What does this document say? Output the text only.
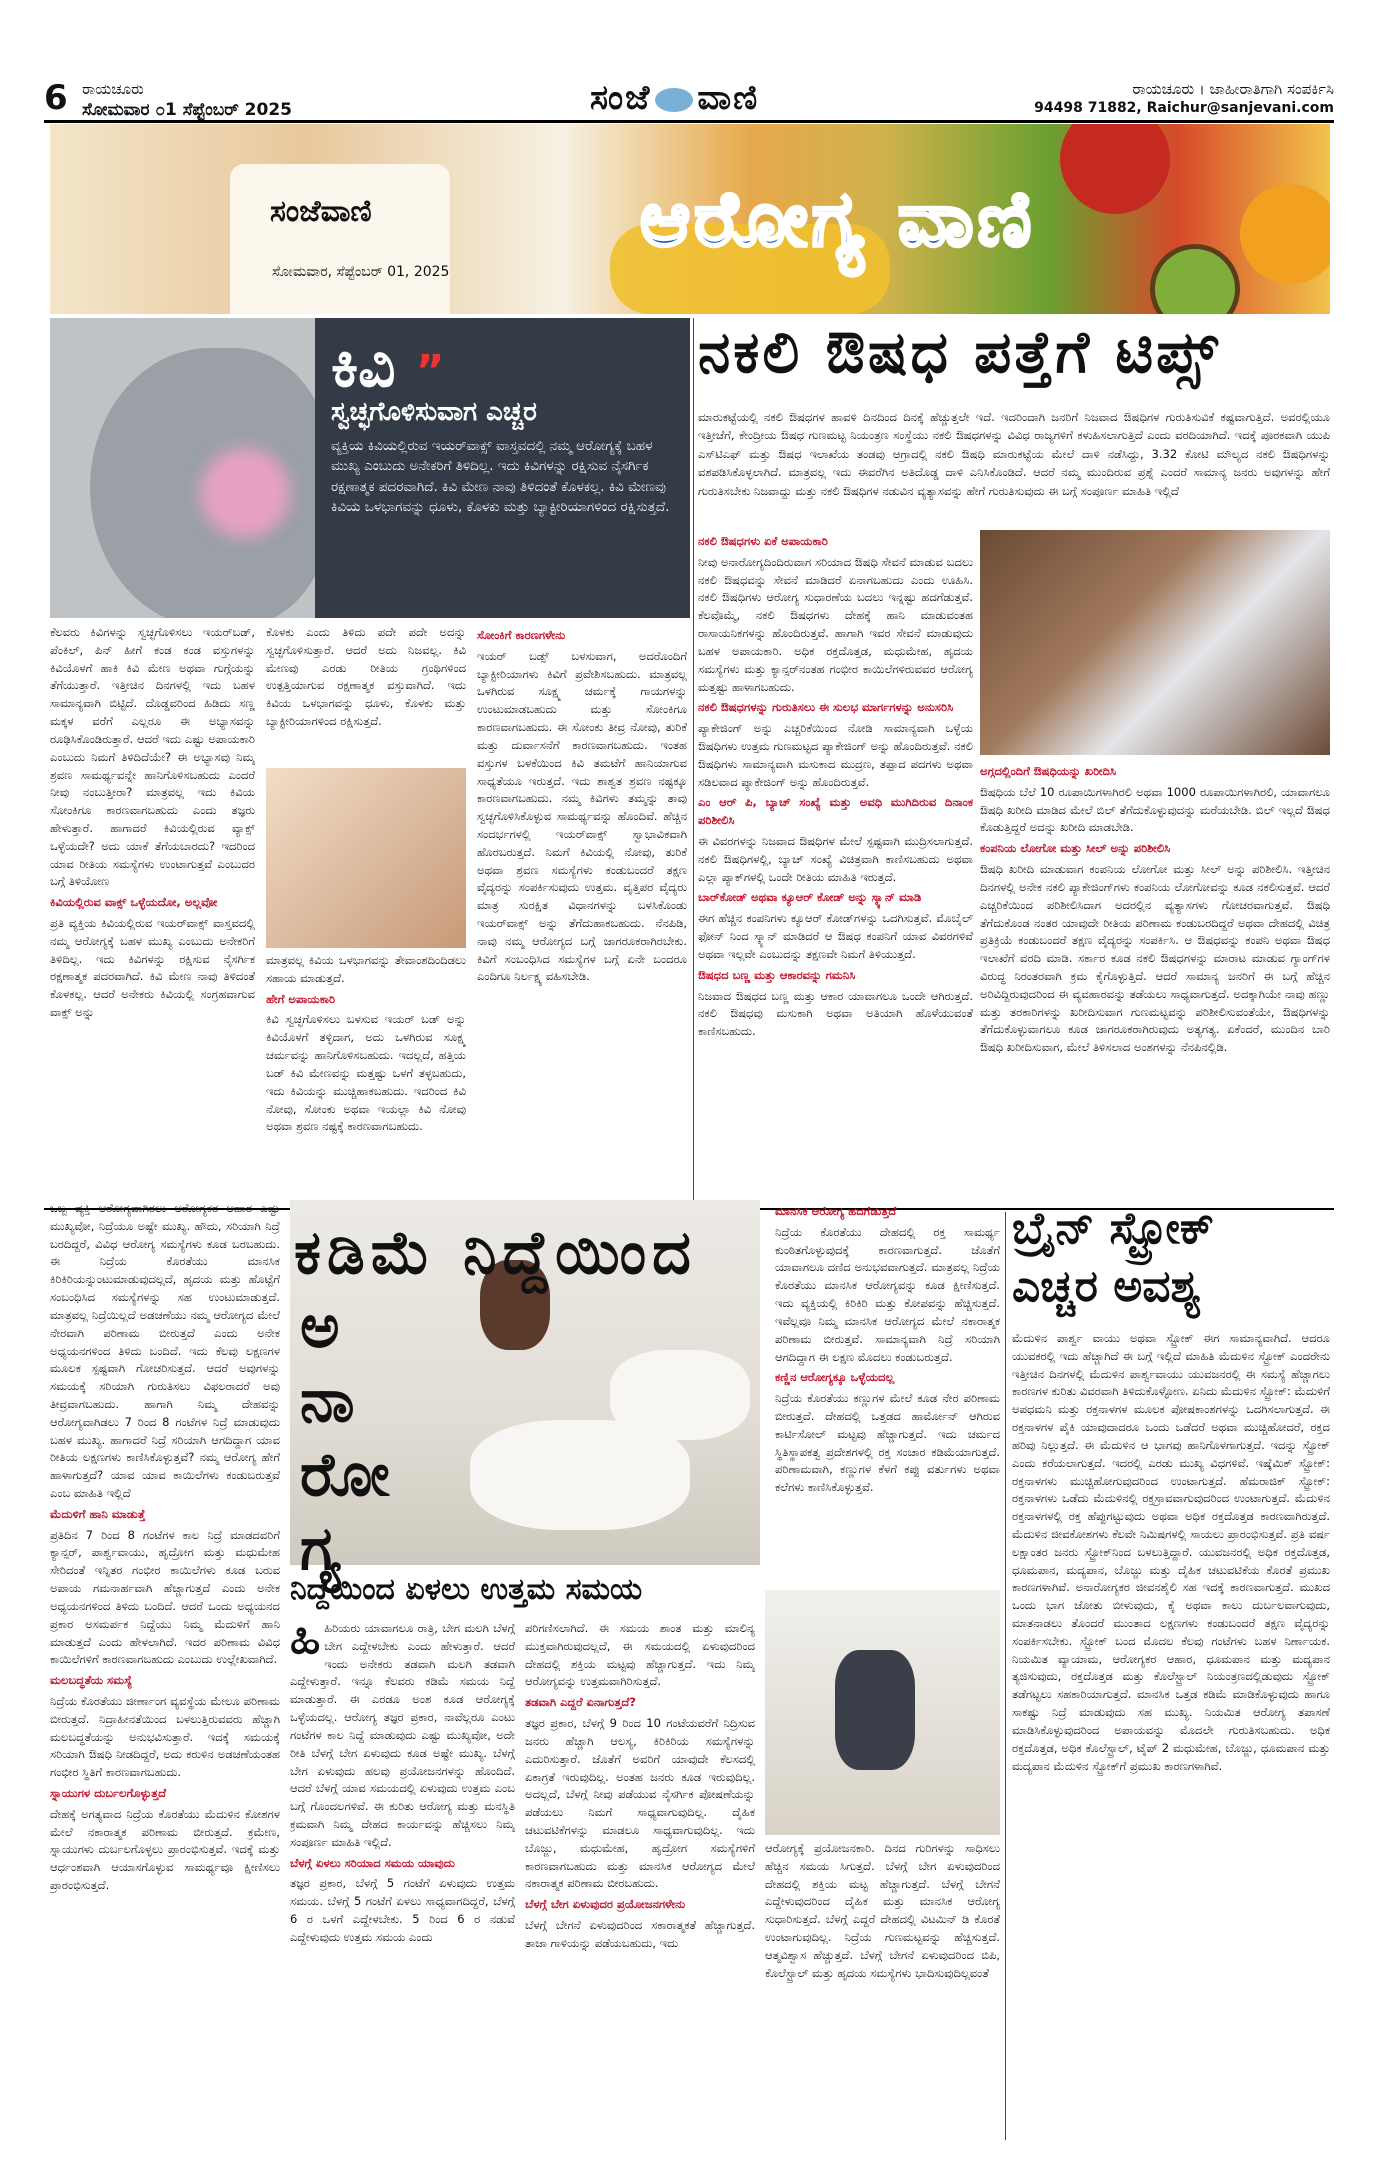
6 ರಾಯಚೂರು
ಸೋಮವಾರ ೦1 ಸೆಪ್ಟೆಂಬರ್ 2025	ಸಂಜೆ ವಾಣಿ	ರಾಯಚೂರು । ಜಾಹೀರಾತಿಗಾಗಿ ಸಂಪರ್ಕಿಸಿ
94498 71882, Raichur@sanjevani.com
ಸಂಜೆವಾಣಿ
ಸೋಮವಾರ, ಸೆಪ್ಟೆಂಬರ್ 01, 2025
ಆರೋಗ್ಯ ವಾಣಿ
ಕಿವಿ ”
ಸ್ವಚ್ಛಗೊಳಿಸುವಾಗ ಎಚ್ಚರ
ವ್ಯಕ್ತಿಯ ಕಿವಿಯಲ್ಲಿರುವ ಇಯರ್‌ವಾಕ್ಸ್ ವಾಸ್ತವದಲ್ಲಿ ನಮ್ಮ ಆರೋಗ್ಯಕ್ಕೆ ಬಹಳ ಮುಖ್ಯ ಎಂಬುದು ಅನೇಕರಿಗೆ ತಿಳಿದಿಲ್ಲ. ಇದು ಕಿವಿಗಳನ್ನು ರಕ್ಷಿಸುವ ನೈಸರ್ಗಿಕ ರಕ್ಷಣಾತ್ಮಕ ಪದರವಾಗಿದೆ. ಕಿವಿ ಮೇಣ ನಾವು ತಿಳಿದಂತೆ ಕೊಳಕಲ್ಲ. ಕಿವಿ ಮೇಣವು ಕಿವಿಯ ಒಳಭಾಗವನ್ನು ಧೂಳು, ಕೊಳಕು ಮತ್ತು ಬ್ಯಾಕ್ಟೀರಿಯಾಗಳಿಂದ ರಕ್ಷಿಸುತ್ತದೆ.
ಕೆಲವರು ಕಿವಿಗಳನ್ನು ಸ್ವಚ್ಛಗೊಳಿಸಲು ಇಯರ್‌ಬಡ್, ಪೆಂಕಿಲ್, ಪಿನ್ ಹೀಗೆ ಕಂಡ ಕಂಡ ವಸ್ತುಗಳನ್ನು ಕಿವಿಯೊಳಗೆ ಹಾಕಿ ಕಿವಿ ಮೇಣ ಅಥವಾ ಗುಗ್ಗೆಯನ್ನು ತೆಗೆಯುತ್ತಾರೆ. ಇತ್ತೀಚಿನ ದಿನಗಳಲ್ಲಿ ಇದು ಬಹಳ ಸಾಮಾನ್ಯವಾಗಿ ಬಿಟ್ಟಿದೆ. ದೊಡ್ಡವರಿಂದ ಹಿಡಿದು ಸಣ್ಣ ಮಕ್ಕಳ ವರೆಗೆ ಎಲ್ಲರೂ ಈ ಅಭ್ಯಾಸವನ್ನು ರೂಢಿಸಿಕೊಂಡಿರುತ್ತಾರೆ. ಆದರೆ ಇದು ಎಷ್ಟು ಅಪಾಯಕಾರಿ ಎಂಬುದು ನಿಮಗೆ ತಿಳಿದಿದೆಯೇ? ಈ ಅಭ್ಯಾಸವು ನಿಮ್ಮ ಶ್ರವಣ ಸಾಮರ್ಥ್ಯವನ್ನೇ ಹಾನಿಗೊಳಿಸಬಹುದು ಎಂದರೆ ನೀವು ನಂಬುತ್ತೀರಾ? ಮಾತ್ರವಲ್ಲ ಇದು ಕಿವಿಯ ಸೋಂಕಿಗೂ ಕಾರಣವಾಗಬಹುದು ಎಂದು ತಜ್ಞರು ಹೇಳುತ್ತಾರೆ. ಹಾಗಾದರೆ ಕಿವಿಯಲ್ಲಿರುವ ವ್ಯಾಕ್ಸ್ ಒಳ್ಳೆಯದೇ? ಅದು ಯಾಕೆ ತೆಗೆಯಬಾರದು? ಇದರಿಂದ ಯಾವ ರೀತಿಯ ಸಮಸ್ಯೆಗಳು ಉಂಟಾಗುತ್ತವೆ ಎಂಬುದರ ಬಗ್ಗೆ ತಿಳಿಯೋಣ
ಕಿವಿಯಲ್ಲಿರುವ ವಾಕ್ಸ್ ಒಳ್ಳೆಯದೋ, ಅಲ್ಲವೋ
ಪ್ರತಿ ವ್ಯಕ್ತಿಯ ಕಿವಿಯಲ್ಲಿರುವ ಇಯರ್‌ವಾಕ್ಸ್ ವಾಸ್ತವದಲ್ಲಿ ನಮ್ಮ ಆರೋಗ್ಯಕ್ಕೆ ಬಹಳ ಮುಖ್ಯ ಎಂಬುದು ಅನೇಕರಿಗೆ ತಿಳಿದಿಲ್ಲ. ಇದು ಕಿವಿಗಳನ್ನು ರಕ್ಷಿಸುವ ನೈಸರ್ಗಿಕ ರಕ್ಷಣಾತ್ಮಕ ಪದರವಾಗಿದೆ. ಕಿವಿ ಮೇಣ ನಾವು ತಿಳಿದಂತೆ ಕೊಳಕಲ್ಲ. ಆದರೆ ಅನೇಕರು ಕಿವಿಯಲ್ಲಿ ಸಂಗ್ರಹವಾಗುವ ವಾಕ್ಸ್ ಅನ್ನು
ಕೊಳಕು ಎಂದು ತಿಳಿದು ಪದೇ ಪದೇ ಅದನ್ನು ಸ್ವಚ್ಛಗೊಳಿಸುತ್ತಾರೆ. ಆದರೆ ಅದು ನಿಜವಲ್ಲ. ಕಿವಿ ಮೇಣವು ಎರಡು ರೀತಿಯ ಗ್ರಂಥಿಗಳಿಂದ ಉತ್ಪತ್ತಿಯಾಗುವ ರಕ್ಷಣಾತ್ಮಕ ವಸ್ತುವಾಗಿದೆ. ಇದು ಕಿವಿಯ ಒಳಭಾಗವನ್ನು ಧೂಳು, ಕೊಳಕು ಮತ್ತು ಬ್ಯಾಕ್ಟೀರಿಯಾಗಳಿಂದ ರಕ್ಷಿಸುತ್ತದೆ.
ಮಾತ್ರವಲ್ಲ ಕಿವಿಯ ಒಳಭಾಗವನ್ನು ತೇವಾಂಶದಿಂದಿಡಲು ಸಹಾಯ ಮಾಡುತ್ತದೆ.
ಹೇಗೆ ಅಪಾಯಕಾರಿ
ಕಿವಿ ಸ್ವಚ್ಛಗೊಳಿಸಲು ಬಳಸುವ ಇಯರ್ ಬಡ್ ಅನ್ನು ಕಿವಿಯೊಳಗೆ ತಳ್ಳಿದಾಗ, ಅದು ಒಳಗಿರುವ ಸೂಕ್ಷ್ಮ ಚರ್ಮವನ್ನು ಹಾನಿಗೊಳಿಸಬಹುದು. ಇದಲ್ಲದೆ, ಹತ್ತಿಯ ಬಡ್ ಕಿವಿ ಮೇಣವನ್ನು ಮತ್ತಷ್ಟು ಒಳಗೆ ತಳ್ಳಬಹುದು, ಇದು ಕಿವಿಯನ್ನು ಮುಚ್ಚಿಹಾಕಬಹುದು. ಇದರಿಂದ ಕಿವಿ ನೋವು, ಸೋಂಕು ಅಥವಾ ಇಯಲ್ಲಾ ಕಿವಿ ನೋವು ಅಥವಾ ಶ್ರವಣ ನಷ್ಟಕ್ಕೆ ಕಾರಣವಾಗಬಹುದು.
ಸೋಂಕಿಗೆ ಕಾರಣಗಳೇನು
ಇಯರ್ ಬಡ್ಸ್ ಬಳಸುವಾಗ, ಅದರೊಂದಿಗೆ ಬ್ಯಾಕ್ಟೀರಿಯಾಗಳು ಕಿವಿಗೆ ಪ್ರವೇಶಿಸಬಹುದು. ಮಾತ್ರವಲ್ಲ ಒಳಗಿರುವ ಸೂಕ್ಷ್ಮ ಚರ್ಮಕ್ಕೆ ಗಾಯಗಳನ್ನು ಉಂಟುಮಾಡಬಹುದು ಮತ್ತು ಸೋಂಕಿಗೂ ಕಾರಣವಾಗಬಹುದು. ಈ ಸೋಂಕು ತೀವ್ರ ನೋವು, ತುರಿಕೆ ಮತ್ತು ದುರ್ವಾಸನೆಗೆ ಕಾರಣವಾಗಬಹುದು. ಇಂತಹ ವಸ್ತುಗಳ ಬಳಕೆಯಿಂದ ಕಿವಿ ತಮಟೆಗೆ ಹಾನಿಯಾಗುವ ಸಾಧ್ಯತೆಯೂ ಇರುತ್ತದೆ. ಇದು ಶಾಶ್ವತ ಶ್ರವಣ ನಷ್ಟಕ್ಕೂ ಕಾರಣವಾಗಬಹುದು. ನಮ್ಮ ಕಿವಿಗಳು ತಮ್ಮನ್ನು ತಾವು ಸ್ವಚ್ಛಗೊಳಿಸಿಕೊಳ್ಳುವ ಸಾಮರ್ಥ್ಯವನ್ನು ಹೊಂದಿವೆ. ಹೆಚ್ಚಿನ ಸಂದರ್ಭಗಳಲ್ಲಿ ಇಯರ್‌ವಾಕ್ಸ್ ಸ್ವಾಭಾವಿಕವಾಗಿ ಹೊರಬರುತ್ತದೆ. ನಿಮಗೆ ಕಿವಿಯಲ್ಲಿ ನೋವು, ತುರಿಕೆ ಅಥವಾ ಶ್ರವಣ ಸಮಸ್ಯೆಗಳು ಕಂಡುಬಂದರೆ ತಕ್ಷಣ ವೈದ್ಯರನ್ನು ಸಂಪರ್ಕಿಸುವುದು ಉತ್ತಮ. ವೃತ್ತಿಪರ ವೈದ್ಯರು ಮಾತ್ರ ಸುರಕ್ಷಿತ ವಿಧಾನಗಳನ್ನು ಬಳಸಿಕೊಂಡು ಇಯರ್‌ವಾಕ್ಸ್ ಅನ್ನು ತೆಗೆದುಹಾಕಬಹುದು. ನೆನಪಿಡಿ, ನಾವು ನಮ್ಮ ಆರೋಗ್ಯದ ಬಗ್ಗೆ ಜಾಗರೂಕರಾಗಿರಬೇಕು. ಕಿವಿಗೆ ಸಂಬಂಧಿಸಿದ ಸಮಸ್ಯೆಗಳ ಬಗ್ಗೆ ಏನೇ ಬಂದರೂ ಎಂದಿಗೂ ನಿರ್ಲಕ್ಷ್ಯ ವಹಿಸಬೇಡಿ.
ನಕಲಿ ಔಷಧ ಪತ್ತೆಗೆ ಟಿಪ್ಸ್
ಮಾರುಕಟ್ಟೆಯಲ್ಲಿ ನಕಲಿ ಔಷಧಗಳ ಹಾವಳಿ ದಿನದಿಂದ ದಿನಕ್ಕೆ ಹೆಚ್ಚುತ್ತಲೇ ಇದೆ. ಇದರಿಂದಾಗಿ ಜನರಿಗೆ ನಿಜವಾದ ಔಷಧಿಗಳ ಗುರುತಿಸುವಿಕೆ ಕಷ್ಟವಾಗುತ್ತಿದೆ. ಅವರಲ್ಲಿಯೂ ಇತ್ತೀಚೆಗೆ, ಕೇಂದ್ರೀಯ ಔಷಧ ಗುಣಮಟ್ಟ ನಿಯಂತ್ರಣ ಸಂಸ್ಥೆಯು ನಕಲಿ ಔಷಧಗಳನ್ನು ವಿವಿಧ ರಾಜ್ಯಗಳಿಗೆ ಕಳುಹಿಸಲಾಗುತ್ತಿದೆ ಎಂದು ವರದಿಯಾಗಿದೆ. ಇದಕ್ಕೆ ಪೂರಕವಾಗಿ ಯುಪಿ ಎಸ್‌ಟಿಎಫ್ ಮತ್ತು ಔಷಧ ಇಲಾಖೆಯ ತಂಡವು ಆಗ್ರಾದಲ್ಲಿ ನಕಲಿ ಔಷಧಿ ಮಾರುಕಟ್ಟೆಯ ಮೇಲೆ ದಾಳಿ ನಡೆಸಿದ್ದು, 3.32 ಕೋಟಿ ಮೌಲ್ಯದ ನಕಲಿ ಔಷಧಿಗಳನ್ನು ವಶಪಡಿಸಿಕೊಳ್ಳಲಾಗಿದೆ. ಮಾತ್ರವಲ್ಲ ಇದು ಈವರೆಗಿನ ಅತಿದೊಡ್ಡ ದಾಳಿ ಎನಿಸಿಕೊಂಡಿದೆ. ಆದರೆ ನಮ್ಮ ಮುಂದಿರುವ ಪ್ರಶ್ನೆ ಎಂದರೆ ಸಾಮಾನ್ಯ ಜನರು ಅವುಗಳನ್ನು ಹೇಗೆ ಗುರುತಿಸಬೇಕು ನಿಜವಾದ್ದು ಮತ್ತು ನಕಲಿ ಔಷಧಿಗಳ ನಡುವಿನ ವ್ಯತ್ಯಾಸವನ್ನು ಹೇಗೆ ಗುರುತಿಸುವುದು ಈ ಬಗ್ಗೆ ಸಂಪೂರ್ಣ ಮಾಹಿತಿ ಇಲ್ಲಿದೆ
ನಕಲಿ ಔಷಧಗಳು ಏಕೆ ಅಪಾಯಕಾರಿ
ನೀವು ಅನಾರೋಗ್ಯದಿಂದಿರುವಾಗ ಸರಿಯಾದ ಔಷಧಿ ಸೇವನೆ ಮಾಡುವ ಬದಲು ನಕಲಿ ಔಷಧವನ್ನು ಸೇವನೆ ಮಾಡಿದರೆ ಏನಾಗಬಹುದು ಎಂದು ಊಹಿಸಿ. ನಕಲಿ ಔಷಧಿಗಳು ಆರೋಗ್ಯ ಸುಧಾರಣೆಯ ಬದಲು ಇನ್ನಷ್ಟು ಹದಗೆಡುತ್ತವೆ. ಕೆಲವೊಮ್ಮೆ, ನಕಲಿ ಔಷಧಗಳು ದೇಹಕ್ಕೆ ಹಾನಿ ಮಾಡುವಂತಹ ರಾಸಾಯನಿಕಗಳನ್ನು ಹೊಂದಿರುತ್ತವೆ. ಹಾಗಾಗಿ ಇವರ ಸೇವನೆ ಮಾಡುವುದು ಬಹಳ ಅಪಾಯಕಾರಿ. ಅಧಿಕ ರಕ್ತದೊತ್ತಡ, ಮಧುಮೇಹ, ಹೃದಯ ಸಮಸ್ಯೆಗಳು ಮತ್ತು ಕ್ಯಾನ್ಸರ್‌ನಂತಹ ಗಂಭೀರ ಕಾಯಿಲೆಗಳಿರುವವರ ಆರೋಗ್ಯ ಮತ್ತಷ್ಟು ಹಾಳಾಗಬಹುದು.
ನಕಲಿ ಔಷಧಗಳನ್ನು ಗುರುತಿಸಲು ಈ ಸುಲಭ ಮಾರ್ಗಗಳನ್ನು ಅನುಸರಿಸಿ
ಪ್ಯಾಕೇಜಿಂಗ್ ಅನ್ನು ಎಚ್ಚರಿಕೆಯಿಂದ ನೋಡಿ ಸಾಮಾನ್ಯವಾಗಿ ಒಳ್ಳೆಯ ಔಷಧಿಗಳು ಉತ್ತಮ ಗುಣಮಟ್ಟದ ಪ್ಯಾಕೇಜಿಂಗ್ ಅನ್ನು ಹೊಂದಿರುತ್ತವೆ. ನಕಲಿ ಔಷಧಿಗಳು ಸಾಮಾನ್ಯವಾಗಿ ಮಸುಕಾದ ಮುದ್ರಣ, ತಪ್ಪಾದ ಪದಗಳು ಅಥವಾ ಸಡಿಲವಾದ ಪ್ಯಾಕೇಜಿಂಗ್ ಅನ್ನು ಹೊಂದಿರುತ್ತವೆ.
ಎಂ ಆರ್ ಪಿ, ಬ್ಯಾಚ್ ಸಂಖ್ಯೆ ಮತ್ತು ಅವಧಿ ಮುಗಿದಿರುವ ದಿನಾಂಕ ಪರಿಶೀಲಿಸಿ
ಈ ವಿವರಗಳನ್ನು ನಿಜವಾದ ಔಷಧಿಗಳ ಮೇಲೆ ಸ್ಪಷ್ಟವಾಗಿ ಮುದ್ರಿಸಲಾಗುತ್ತದೆ. ನಕಲಿ ಔಷಧಿಗಳಲ್ಲಿ, ಬ್ಯಾಚ್ ಸಂಖ್ಯೆ ವಿಚಿತ್ರವಾಗಿ ಕಾಣಿಸಬಹುದು ಅಥವಾ ಎಲ್ಲಾ ಪ್ಯಾಕ್‌ಗಳಲ್ಲಿ ಒಂದೇ ರೀತಿಯ ಮಾಹಿತಿ ಇರುತ್ತದೆ.
ಬಾರ್‌ಕೋಡ್ ಅಥವಾ ಕ್ಯೂಆರ್ ಕೋಡ್ ಅನ್ನು ಸ್ಕ್ಯಾನ್ ಮಾಡಿ
ಈಗ ಹೆಚ್ಚಿನ ಕಂಪನಿಗಳು ಕ್ಯೂಆರ್ ಕೋಡ್‌ಗಳನ್ನು ಒದಗಿಸುತ್ತವೆ. ಮೊಬೈಲ್ ಫೋನ್ ನಿಂದ ಸ್ಕ್ಯಾನ್ ಮಾಡಿದರೆ ಆ ಔಷಧ ಕಂಪನಿಗೆ ಯಾವ ವಿವರಗಳಿವೆ ಅಥವಾ ಇಲ್ಲವೇ ಎಂಬುದನ್ನು ತಕ್ಷಣವೇ ನಿಮಗೆ ತಿಳಿಯುತ್ತದೆ.
ಔಷಧದ ಬಣ್ಣ ಮತ್ತು ಆಕಾರವನ್ನು ಗಮನಿಸಿ
ನಿಜವಾದ ಔಷಧದ ಬಣ್ಣ ಮತ್ತು ಆಕಾರ ಯಾವಾಗಲೂ ಒಂದೇ ಆಗಿರುತ್ತದೆ. ನಕಲಿ ಔಷಧವು ಮಸುಕಾಗಿ ಅಥವಾ ಅತಿಯಾಗಿ ಹೊಳೆಯುವಂತೆ ಕಾಣಿಸಬಹುದು.
ಅಗ್ಗದಲ್ಲಿಂದಿಗೆ ಔಷಧಿಯನ್ನು ಖರೀದಿಸಿ
ಔಷಧಿಯ ಬೆಲೆ 10 ರೂಪಾಯಿಗಳಾಗಿರಲಿ ಅಥವಾ 1000 ರೂಪಾಯಿಗಳಾಗಿರಲಿ, ಯಾವಾಗಲೂ ಔಷಧಿ ಖರೀದಿ ಮಾಡಿದ ಮೇಲೆ ಬಿಲ್ ತೆಗೆದುಕೊಳ್ಳುವುದನ್ನು ಮರೆಯಬೇಡಿ. ಬಿಲ್ ಇಲ್ಲದೆ ಔಷಧ ಕೊಡುತ್ತಿದ್ದರೆ ಅದನ್ನು ಖರೀದಿ ಮಾಡಬೇಡಿ.
ಕಂಪನಿಯ ಲೋಗೋ ಮತ್ತು ಸೀಲ್ ಅನ್ನು ಪರಿಶೀಲಿಸಿ
ಔಷಧಿ ಖರೀದಿ ಮಾಡುವಾಗ ಕಂಪನಿಯ ಲೋಗೋ ಮತ್ತು ಸೀಲ್ ಅನ್ನು ಪರಿಶೀಲಿಸಿ. ಇತ್ತೀಚಿನ ದಿನಗಳಲ್ಲಿ ಅನೇಕ ನಕಲಿ ಪ್ಯಾಕೇಜಿಂಗ್‌ಗಳು ಕಂಪನಿಯ ಲೋಗೋವನ್ನು ಕೂಡ ನಕಲಿಸುತ್ತವೆ. ಆದರೆ ಎಚ್ಚರಿಕೆಯಿಂದ ಪರಿಶೀಲಿಸಿದಾಗ ಅದರಲ್ಲಿನ ವ್ಯತ್ಯಾಸಗಳು ಗೋಚರವಾಗುತ್ತವೆ. ಔಷಧಿ ತೆಗೆದುಕೊಂಡ ನಂತರ ಯಾವುದೇ ರೀತಿಯ ಪರಿಣಾಮ ಕಂಡುಬರದಿದ್ದರೆ ಅಥವಾ ದೇಹದಲ್ಲಿ ವಿಚಿತ್ರ ಪ್ರತಿಕ್ರಿಯೆ ಕಂಡುಬಂದರೆ ತಕ್ಷಣ ವೈದ್ಯರನ್ನು ಸಂಪರ್ಕಿಸಿ. ಆ ಔಷಧವನ್ನು ಕಂಪನಿ ಅಥವಾ ಔಷಧ ಇಲಾಖೆಗೆ ವರದಿ ಮಾಡಿ. ಸರ್ಕಾರ ಕೂಡ ನಕಲಿ ಔಷಧಗಳನ್ನು ಮಾರಾಟ ಮಾಡುವ ಗ್ಯಾಂಗ್‌ಗಳ ವಿರುದ್ಧ ನಿರಂತರವಾಗಿ ಕ್ರಮ ಕೈಗೊಳ್ಳುತ್ತಿದೆ. ಆದರೆ ಸಾಮಾನ್ಯ ಜನರಿಗೆ ಈ ಬಗ್ಗೆ ಹೆಚ್ಚಿನ ಅರಿವಿದ್ದಿರುವುದರಿಂದ ಈ ವ್ಯವಹಾರವನ್ನು ತಡೆಯಲು ಸಾಧ್ಯವಾಗುತ್ತದೆ. ಅದಕ್ಕಾಗಿಯೇ ನಾವು ಹಣ್ಣು ಮತ್ತು ತರಕಾರಿಗಳನ್ನು ಖರೀದಿಸುವಾಗ ಗುಣಮಟ್ಟವನ್ನು ಪರಿಶೀಲಿಸುವಂತೆಯೇ, ಔಷಧಿಗಳನ್ನು ತೆಗೆದುಕೊಳ್ಳುವಾಗಲೂ ಕೂಡ ಜಾಗರೂಕರಾಗಿರುವುದು ಅತ್ಯಗತ್ಯ. ಏಕೆಂದರೆ, ಮುಂದಿನ ಬಾರಿ ಔಷಧಿ ಖರೀದಿಸುವಾಗ, ಮೇಲೆ ತಿಳಿಸಲಾದ ಅಂಶಗಳನ್ನು ನೆನಪಿನಲ್ಲಿಡಿ.
ಒಬ್ಬ ವ್ಯಕ್ತಿ ಆರೋಗ್ಯವಾಗಿರಲು ಆರೋಗ್ಯಕರ ಆಹಾರ ಎಷ್ಟು ಮುಖ್ಯವೋ, ನಿದ್ರೆಯೂ ಅಷ್ಟೇ ಮುಖ್ಯ. ಹೌದು, ಸರಿಯಾಗಿ ನಿದ್ರೆ ಬರದಿದ್ದರೆ, ವಿವಿಧ ಆರೋಗ್ಯ ಸಮಸ್ಯೆಗಳು ಕೂಡ ಬರಬಹುದು. ಈ ನಿದ್ರೆಯ ಕೊರತೆಯು ಮಾನಸಿಕ ಕಿರಿಕಿರಿಯನ್ನುಂಟುಮಾಡುವುದಲ್ಲದೆ, ಹೃದಯ ಮತ್ತು ಹೊಟ್ಟೆಗೆ ಸಂಬಂಧಿಸಿದ ಸಮಸ್ಯೆಗಳನ್ನು ಸಹ ಉಂಟುಮಾಡುತ್ತದೆ. ಮಾತ್ರವಲ್ಲ ನಿದ್ರೆಯಿಲ್ಲದೆ ಅಡಚಣೆಯು ನಮ್ಮ ಆರೋಗ್ಯದ ಮೇಲೆ ನೇರವಾಗಿ ಪರಿಣಾಮ ಬೀರುತ್ತದೆ ಎಂದು ಅನೇಕ ಅಧ್ಯಯನಗಳಿಂದ ತಿಳಿದು ಬಂದಿದೆ. ಇದು ಕೆಲವು ಲಕ್ಷಣಗಳ ಮೂಲಕ ಸ್ಪಷ್ಟವಾಗಿ ಗೋಚರಿಸುತ್ತದೆ. ಆದರೆ ಅವುಗಳನ್ನು ಸಮಯಕ್ಕೆ ಸರಿಯಾಗಿ ಗುರುತಿಸಲು ವಿಫಲರಾದರೆ ಅವು ತೀವ್ರವಾಗಬಹುದು. ಹಾಗಾಗಿ ನಿಮ್ಮ ದೇಹವನ್ನು ಆರೋಗ್ಯವಾಗಿಡಲು 7 ರಿಂದ 8 ಗಂಟೆಗಳ ನಿದ್ರೆ ಮಾಡುವುದು ಬಹಳ ಮುಖ್ಯ. ಹಾಗಾದರೆ ನಿದ್ರೆ ಸರಿಯಾಗಿ ಆಗದಿದ್ದಾಗ ಯಾವ ರೀತಿಯ ಲಕ್ಷಣಗಳು ಕಾಣಿಸಿಕೊಳ್ಳುತ್ತವೆ? ನಮ್ಮ ಆರೋಗ್ಯ ಹೇಗೆ ಹಾಳಾಗುತ್ತದೆ? ಯಾವ ಯಾವ ಕಾಯಿಲೆಗಳು ಕಂಡುಬರುತ್ತವೆ ಎಂಬ ಮಾಹಿತಿ ಇಲ್ಲಿದೆ
ಮೆದುಳಿಗೆ ಹಾನಿ ಮಾಡುತ್ತೆ
ಪ್ರತಿದಿನ 7 ರಿಂದ 8 ಗಂಟೆಗಳ ಕಾಲ ನಿದ್ರೆ ಮಾಡದವರಿಗೆ ಕ್ಯಾನ್ಸರ್, ಪಾರ್ಶ್ವವಾಯು, ಹೃದ್ರೋಗ ಮತ್ತು ಮಧುಮೇಹ ಸೇರಿದಂತೆ ಇನ್ನಿತರ ಗಂಭೀರ ಕಾಯಿಲೆಗಳು ಕೂಡ ಬರುವ ಅಪಾಯ ಗಮನಾರ್ಹವಾಗಿ ಹೆಚ್ಚಾಗುತ್ತದೆ ಎಂದು ಅನೇಕ ಅಧ್ಯಯನಗಳಿಂದ ತಿಳಿದು ಬಂದಿದೆ. ಆದರೆ ಒಂದು ಅಧ್ಯಯನದ ಪ್ರಕಾರ ಅಸಮರ್ಪಕ ನಿದ್ದೆಯು ನಿಮ್ಮ ಮೆದುಳಿಗೆ ಹಾನಿ ಮಾಡುತ್ತದೆ ಎಂದು ಹೇಳಲಾಗಿದೆ. ಇದರ ಪರಿಣಾಮ ವಿವಿಧ ಕಾಯಿಲೆಗಳಿಗೆ ಕಾರಣವಾಗಬಹುದು ಎಂಬುದು ಉಲ್ಲೇಖವಾಗಿದೆ.
ಮಲಬದ್ಧತೆಯ ಸಮಸ್ಯೆ
ನಿದ್ರೆಯ ಕೊರತೆಯು ಜೀರ್ಣಾಂಗ ವ್ಯವಸ್ಥೆಯ ಮೇಲೂ ಪರಿಣಾಮ ಬೀರುತ್ತದೆ. ನಿದ್ರಾಹೀನತೆಯಿಂದ ಬಳಲುತ್ತಿರುವವರು ಹೆಚ್ಚಾಗಿ ಮಲಬದ್ಧತೆಯನ್ನು ಅನುಭವಿಸುತ್ತಾರೆ. ಇದಕ್ಕೆ ಸಮಯಕ್ಕೆ ಸರಿಯಾಗಿ ಔಷಧಿ ನೀಡದಿದ್ದರೆ, ಅದು ಕರುಳಿನ ಅಡಚಣೆಯಂತಹ ಗಂಭೀರ ಸ್ಥಿತಿಗೆ ಕಾರಣವಾಗಬಹುದು.
ಸ್ನಾಯುಗಳ ದುರ್ಬಲಗೊಳ್ಳುತ್ತದೆ
ದೇಹಕ್ಕೆ ಅಗತ್ಯವಾದ ನಿದ್ರೆಯ ಕೊರತೆಯು ಮೆದುಳಿನ ಕೋಶಗಳ ಮೇಲೆ ನಕಾರಾತ್ಮಕ ಪರಿಣಾಮ ಬೀರುತ್ತದೆ. ಕ್ರಮೇಣ, ಸ್ನಾಯುಗಳು ದುರ್ಬಲಗೊಳ್ಳಲು ಪ್ರಾರಂಭಿಸುತ್ತವೆ. ಇದಕ್ಕೆ ಮತ್ತು ಆರ್ಧಂಶವಾಗಿ ಆಯಾಸಗೊಳ್ಳುವ ಸಾಮರ್ಥ್ಯವೂ ಕ್ಷೀಣಿಸಲು ಪ್ರಾರಂಭಿಸುತ್ತದೆ.
ಕಡಿಮೆ ನಿದ್ದೆಯಿಂದ
ಅ
ನಾ
ರೋ
ಗ್ಯ
ಮಾನಸಿಕ ಆರೋಗ್ಯ ಹದಗೆಡುತ್ತದೆ
ನಿದ್ರೆಯ ಕೊರತೆಯು ದೇಹದಲ್ಲಿ ರಕ್ತ ಸಾಮರ್ಥ್ಯ ಕುಂಠಿತಗೊಳ್ಳುವುದಕ್ಕೆ ಕಾರಣವಾಗುತ್ತದೆ. ಜೊತೆಗೆ ಯಾವಾಗಲೂ ದಣಿದ ಅನುಭವವಾಗುತ್ತದೆ. ಮಾತ್ರವಲ್ಲ ನಿದ್ರೆಯ ಕೊರತೆಯು ಮಾನಸಿಕ ಆರೋಗ್ಯವನ್ನು ಕೂಡ ಕ್ಷೀಣಿಸುತ್ತದೆ. ಇದು ವ್ಯಕ್ತಿಯಲ್ಲಿ ಕಿರಿಕಿರಿ ಮತ್ತು ಕೋಪವನ್ನು ಹೆಚ್ಚಿಸುತ್ತದೆ. ಇವೆಲ್ಲವೂ ನಿಮ್ಮ ಮಾನಸಿಕ ಆರೋಗ್ಯದ ಮೇಲೆ ನಕಾರಾತ್ಮಕ ಪರಿಣಾಮ ಬೀರುತ್ತವೆ. ಸಾಮಾನ್ಯವಾಗಿ ನಿದ್ರೆ ಸರಿಯಾಗಿ ಆಗದಿದ್ದಾಗ ಈ ಲಕ್ಷಣ ಮೊದಲು ಕಂಡುಬರುತ್ತದೆ.
ಕಣ್ಣಿನ ಆರೋಗ್ಯಕ್ಕೂ ಒಳ್ಳೆಯದಲ್ಲ
ನಿದ್ರೆಯ ಕೊರತೆಯು ಕಣ್ಣುಗಳ ಮೇಲೆ ಕೂಡ ನೇರ ಪರಿಣಾಮ ಬೀರುತ್ತದೆ. ದೇಹದಲ್ಲಿ ಒತ್ತಡದ ಹಾರ್ಮೋನ್ ಆಗಿರುವ ಕಾರ್ಟಿಸೋಲ್ ಮಟ್ಟವು ಹೆಚ್ಚಾಗುತ್ತದೆ. ಇದು ಚರ್ಮದ ಸ್ಥಿತಿಸ್ಥಾಪಕತ್ವ ಪ್ರದೇಶಗಳಲ್ಲಿ ರಕ್ತ ಸಂಚಾರ ಕಡಿಮೆಯಾಗುತ್ತದೆ. ಪರಿಣಾಮವಾಗಿ, ಕಣ್ಣುಗಳ ಕೆಳಗೆ ಕಪ್ಪು ವರ್ತುಗಳು ಅಥವಾ ಕಲೆಗಳು ಕಾಣಿಸಿಕೊಳ್ಳುತ್ತವೆ.
ನಿದ್ದೆಯಿಂದ ಏಳಲು ಉತ್ತಮ ಸಮಯ
ಹಿ ಹಿರಿಯರು ಯಾವಾಗಲೂ ರಾತ್ರಿ, ಬೇಗ ಮಲಗಿ ಬೆಳಗ್ಗೆ ಬೇಗ ಎದ್ದೇಳಬೇಕು ಎಂದು ಹೇಳುತ್ತಾರೆ. ಆದರೆ ಇಂದು ಅನೇಕರು ತಡವಾಗಿ ಮಲಗಿ ತಡವಾಗಿ ಎದ್ದೇಳುತ್ತಾರೆ. ಇನ್ನೂ ಕೆಲವರು ಕಡಿಮೆ ಸಮಯ ನಿದ್ದೆ ಮಾಡುತ್ತಾರೆ. ಈ ಎರಡೂ ಅಂಶ ಕೂಡ ಆರೋಗ್ಯಕ್ಕೆ ಒಳ್ಳೆಯದಲ್ಲ. ಆರೋಗ್ಯ ತಜ್ಞರ ಪ್ರಕಾರ, ನಾವೆಲ್ಲರೂ ಎಂಟು ಗಂಟೆಗಳ ಕಾಲ ನಿದ್ದೆ ಮಾಡುವುದು ಎಷ್ಟು ಮುಖ್ಯವೋ, ಅದೇ ರೀತಿ ಬೆಳಗ್ಗೆ ಬೇಗ ಏಳುವುದು ಕೂಡ ಅಷ್ಟೇ ಮುಖ್ಯ. ಬೆಳಗ್ಗೆ ಬೇಗ ಏಳುವುದು ಹಲವು ಪ್ರಯೋಜನಗಳನ್ನು ಹೊಂದಿದೆ. ಆದರೆ ಬೆಳಗ್ಗೆ ಯಾವ ಸಮಯದಲ್ಲಿ ಏಳುವುದು ಉತ್ತಮ ಎಂಬ ಬಗ್ಗೆ ಗೊಂದಲಗಳಿವೆ. ಈ ಕುರಿತು ಆರೋಗ್ಯ ಮತ್ತು ಮನಸ್ಥಿತಿ ಕ್ರಮವಾಗಿ ನಿಮ್ಮ ದೇಹದ ಕಾರ್ಯವನ್ನು ಹೆಚ್ಚಿಸಲು ನಿಮ್ಮ ಸಂಪೂರ್ಣ ಮಾಹಿತಿ ಇಲ್ಲಿದೆ.
ಬೆಳಗ್ಗೆ ಏಳಲು ಸರಿಯಾದ ಸಮಯ ಯಾವುದು
ತಜ್ಞರ ಪ್ರಕಾರ, ಬೆಳಗ್ಗೆ 5 ಗಂಟೆಗೆ ಏಳುವುದು ಉತ್ತಮ ಸಮಯ. ಬೆಳಗ್ಗೆ 5 ಗಂಟೆಗೆ ಏಳಲು ಸಾಧ್ಯವಾಗದಿದ್ದರೆ, ಬೆಳಗ್ಗೆ 6 ರ ಒಳಗೆ ಎದ್ದೇಳಬೇಕು. 5 ರಿಂದ 6 ರ ನಡುವೆ ಎದ್ದೇಳುವುದು ಉತ್ತಮ ಸಮಯ ಎಂದು
ಪರಿಗಣಿಸಲಾಗಿದೆ. ಈ ಸಮಯ ಶಾಂತ ಮತ್ತು ಮಾಲಿನ್ಯ ಮುಕ್ತವಾಗಿರುವುದಲ್ಲದೆ, ಈ ಸಮಯದಲ್ಲಿ ಏಳುವುದರಿಂದ ದೇಹದಲ್ಲಿ ಶಕ್ತಿಯ ಮಟ್ಟವು ಹೆಚ್ಚಾಗುತ್ತದೆ. ಇದು ನಿಮ್ಮ ಆರೋಗ್ಯವನ್ನು ಉತ್ತಮವಾಗಿರಿಸುತ್ತದೆ.
ತಡವಾಗಿ ಎದ್ದರೆ ಏನಾಗುತ್ತದೆ?
ತಜ್ಞರ ಪ್ರಕಾರ, ಬೆಳಗ್ಗೆ 9 ರಿಂದ 10 ಗಂಟೆಯವರೆಗೆ ನಿದ್ರಿಸುವ ಜನರು ಹೆಚ್ಚಾಗಿ ಆಲಸ್ಯ, ಕಿರಿಕಿರಿಯ ಸಮಸ್ಯೆಗಳನ್ನು ಎದುರಿಸುತ್ತಾರೆ. ಜೊತೆಗೆ ಅವರಿಗೆ ಯಾವುದೇ ಕೆಲಸದಲ್ಲಿ ಏಕಾಗ್ರತೆ ಇರುವುದಿಲ್ಲ. ಅಂತಹ ಜನರು ಕೂಡ ಇರುವುದಿಲ್ಲ. ಅದಲ್ಲದೆ, ಬೆಳಗ್ಗೆ ನೀವು ಪಡೆಯುವ ನೈಸರ್ಗಿಕ ಪೋಷಣೆಯನ್ನು ಪಡೆಯಲು ನಿಮಗೆ ಸಾಧ್ಯವಾಗುವುದಿಲ್ಲ. ದೈಹಿಕ ಚಟುವಟಿಕೆಗಳನ್ನು ಮಾಡಲೂ ಸಾಧ್ಯವಾಗುವುದಿಲ್ಲ. ಇದು ಬೊಜ್ಜು, ಮಧುಮೇಹ, ಹೃದ್ರೋಗ ಸಮಸ್ಯೆಗಳಿಗೆ ಕಾರಣವಾಗಬಹುದು ಮತ್ತು ಮಾನಸಿಕ ಆರೋಗ್ಯದ ಮೇಲೆ ನಕಾರಾತ್ಮಕ ಪರಿಣಾಮ ಬೀರಬಹುದು.
ಬೆಳಗ್ಗೆ ಬೇಗ ಏಳುವುದರ ಪ್ರಯೋಜನಗಳೇನು
ಬೆಳಗ್ಗೆ ಬೇಗನೆ ಏಳುವುದರಿಂದ ಸಕಾರಾತ್ಮಕತೆ ಹೆಚ್ಚಾಗುತ್ತದೆ. ತಾಜಾ ಗಾಳಿಯನ್ನು ಪಡೆಯಬಹುದು, ಇದು
ಆರೋಗ್ಯಕ್ಕೆ ಪ್ರಯೋಜನಕಾರಿ. ದಿನದ ಗುರಿಗಳನ್ನು ಸಾಧಿಸಲು ಹೆಚ್ಚಿನ ಸಮಯ ಸಿಗುತ್ತದೆ. ಬೆಳಗ್ಗೆ ಬೇಗ ಏಳುವುದರಿಂದ ದೇಹದಲ್ಲಿ ಶಕ್ತಿಯ ಮಟ್ಟ ಹೆಚ್ಚಾಗುತ್ತದೆ. ಬೆಳಗ್ಗೆ ಬೇಗನೆ ಎದ್ದೇಳುವುದರಿಂದ ದೈಹಿಕ ಮತ್ತು ಮಾನಸಿಕ ಆರೋಗ್ಯ ಸುಧಾರಿಸುತ್ತದೆ. ಬೆಳಗ್ಗೆ ಎದ್ದರೆ ದೇಹದಲ್ಲಿ ವಿಟಮಿನ್ ಡಿ ಕೊರತೆ ಉಂಟಾಗುವುದಿಲ್ಲ. ನಿದ್ರೆಯ ಗುಣಮಟ್ಟವನ್ನು ಹೆಚ್ಚಿಸುತ್ತದೆ. ಆತ್ಮವಿಶ್ವಾಸ ಹೆಚ್ಚುತ್ತದೆ. ಬೆಳಗ್ಗೆ ಬೇಗನೆ ಏಳುವುದರಿಂದ ಬಿಪಿ, ಕೊಲೆಸ್ಟ್ರಾಲ್ ಮತ್ತು ಹೃದಯ ಸಮಸ್ಯೆಗಳು ಭಾದಿಸುವುದಿಲ್ಲವಂತೆ
ಬ್ರೈನ್ ಸ್ಟ್ರೋಕ್
ಎಚ್ಚರ ಅವಶ್ಯ
ಮೆದುಳಿನ ಪಾರ್ಶ್ವ ವಾಯು ಅಥವಾ ಸ್ಟ್ರೋಕ್ ಈಗ ಸಾಮಾನ್ಯವಾಗಿದೆ. ಆದರೂ ಯುವಕರಲ್ಲಿ ಇದು ಹೆಚ್ಚಾಗಿದೆ ಈ ಬಗ್ಗೆ ಇಲ್ಲಿದೆ ಮಾಹಿತಿ ಮೆದುಳಿನ ಸ್ಟ್ರೋಕ್ ಎಂದರೇನು ಇತ್ತೀಚಿನ ದಿನಗಳಲ್ಲಿ ಮೆದುಳಿನ ಪಾರ್ಶ್ವವಾಯು ಯುವಜನರಲ್ಲಿ ಈ ಸಮಸ್ಯೆ ಹೆಚ್ಚಾಗಲು ಕಾರಣಗಳ ಕುರಿತು ವಿವರವಾಗಿ ತಿಳಿದುಕೊಳ್ಳೋಣ. ಏನಿದು ಮೆದುಳಿನ ಸ್ಟ್ರೋಕ್: ಮೆದುಳಿಗೆ ಅಪಧಮನಿ ಮತ್ತು ರಕ್ತನಾಳಗಳ ಮೂಲಕ ಪೋಷಕಾಂಶಗಳನ್ನು ಒದಗಿಸಲಾಗುತ್ತದೆ. ಈ ರಕ್ತನಾಳಗಳ ಪೈಕಿ ಯಾವುದಾದರೂ ಒಂದು ಒಡೆದರೆ ಅಥವಾ ಮುಚ್ಚಿಹೋದರೆ, ರಕ್ತದ ಹರಿವು ನಿಲ್ಲುತ್ತದೆ. ಈ ಮೆದುಳಿನ ಆ ಭಾಗವು ಹಾನಿಗೊಳಗಾಗುತ್ತದೆ. ಇದನ್ನು ಸ್ಟ್ರೋಕ್ ಎಂದು ಕರೆಯಲಾಗುತ್ತದೆ. ಇದರಲ್ಲಿ ಎರಡು ಮುಖ್ಯ ವಿಧಗಳಿವೆ. ಇಷ್ಕೆಮಿಕ್ ಸ್ಟ್ರೋಕ್: ರಕ್ತನಾಳಗಳು ಮುಚ್ಚಿಹೋಗುವುದರಿಂದ ಉಂಟಾಗುತ್ತದೆ. ಹೆಮರಾಜಿಕ್ ಸ್ಟ್ರೋಕ್: ರಕ್ತನಾಳಗಳು ಒಡೆದು ಮೆದುಳಿನಲ್ಲಿ ರಕ್ತಸ್ರಾವವಾಗುವುದರಿಂದ ಉಂಟಾಗುತ್ತದೆ. ಮೆದುಳಿನ ರಕ್ತನಾಳಗಳಲ್ಲಿ ರಕ್ತ ಹೆಪ್ಪುಗಟ್ಟುವುದು ಅಥವಾ ಅಧಿಕ ರಕ್ತದೊತ್ತಡ ಕಾರಣವಾಗಿರುತ್ತದೆ. ಮೆದುಳಿನ ಜೀವಕೋಶಗಳು ಕೆಲವೇ ನಿಮಿಷಗಳಲ್ಲಿ ಸಾಯಲು ಪ್ರಾರಂಭಿಸುತ್ತವೆ. ಪ್ರತಿ ವರ್ಷ ಲಕ್ಷಾಂತರ ಜನರು ಸ್ಟ್ರೋಕ್‌ನಿಂದ ಬಳಲುತ್ತಿದ್ದಾರೆ. ಯುವಜನರಲ್ಲಿ ಅಧಿಕ ರಕ್ತದೊತ್ತಡ, ಧೂಮಪಾನ, ಮದ್ಯಪಾನ, ಬೊಜ್ಜು ಮತ್ತು ದೈಹಿಕ ಚಟುವಟಿಕೆಯ ಕೊರತೆ ಪ್ರಮುಖ ಕಾರಣಗಳಾಗಿವೆ. ಅನಾರೋಗ್ಯಕರ ಜೀವನಶೈಲಿ ಸಹ ಇದಕ್ಕೆ ಕಾರಣವಾಗುತ್ತದೆ. ಮುಖದ ಒಂದು ಭಾಗ ಜೋತು ಬೀಳುವುದು, ಕೈ ಅಥವಾ ಕಾಲು ದುರ್ಬಲವಾಗುವುದು, ಮಾತನಾಡಲು ತೊಂದರೆ ಮುಂತಾದ ಲಕ್ಷಣಗಳು ಕಂಡುಬಂದರೆ ತಕ್ಷಣ ವೈದ್ಯರನ್ನು ಸಂಪರ್ಕಿಸಬೇಕು. ಸ್ಟ್ರೋಕ್ ಬಂದ ಮೊದಲ ಕೆಲವು ಗಂಟೆಗಳು ಬಹಳ ನಿರ್ಣಾಯಕ. ನಿಯಮಿತ ವ್ಯಾಯಾಮ, ಆರೋಗ್ಯಕರ ಆಹಾರ, ಧೂಮಪಾನ ಮತ್ತು ಮದ್ಯಪಾನ ತ್ಯಜಿಸುವುದು, ರಕ್ತದೊತ್ತಡ ಮತ್ತು ಕೊಲೆಸ್ಟ್ರಾಲ್ ನಿಯಂತ್ರಣದಲ್ಲಿಡುವುದು ಸ್ಟ್ರೋಕ್ ತಡೆಗಟ್ಟಲು ಸಹಕಾರಿಯಾಗುತ್ತದೆ. ಮಾನಸಿಕ ಒತ್ತಡ ಕಡಿಮೆ ಮಾಡಿಕೊಳ್ಳುವುದು ಹಾಗೂ ಸಾಕಷ್ಟು ನಿದ್ರೆ ಮಾಡುವುದು ಸಹ ಮುಖ್ಯ. ನಿಯಮಿತ ಆರೋಗ್ಯ ತಪಾಸಣೆ ಮಾಡಿಸಿಕೊಳ್ಳುವುದರಿಂದ ಅಪಾಯವನ್ನು ಮೊದಲೇ ಗುರುತಿಸಬಹುದು. ಅಧಿಕ ರಕ್ತದೊತ್ತಡ, ಅಧಿಕ ಕೊಲೆಸ್ಟ್ರಾಲ್, ಟೈಪ್ 2 ಮಧುಮೇಹ, ಬೊಜ್ಜು, ಧೂಮಪಾನ ಮತ್ತು ಮದ್ಯಪಾನ ಮೆದುಳಿನ ಸ್ಟ್ರೋಕ್‌ಗೆ ಪ್ರಮುಖ ಕಾರಣಗಳಾಗಿವೆ.
